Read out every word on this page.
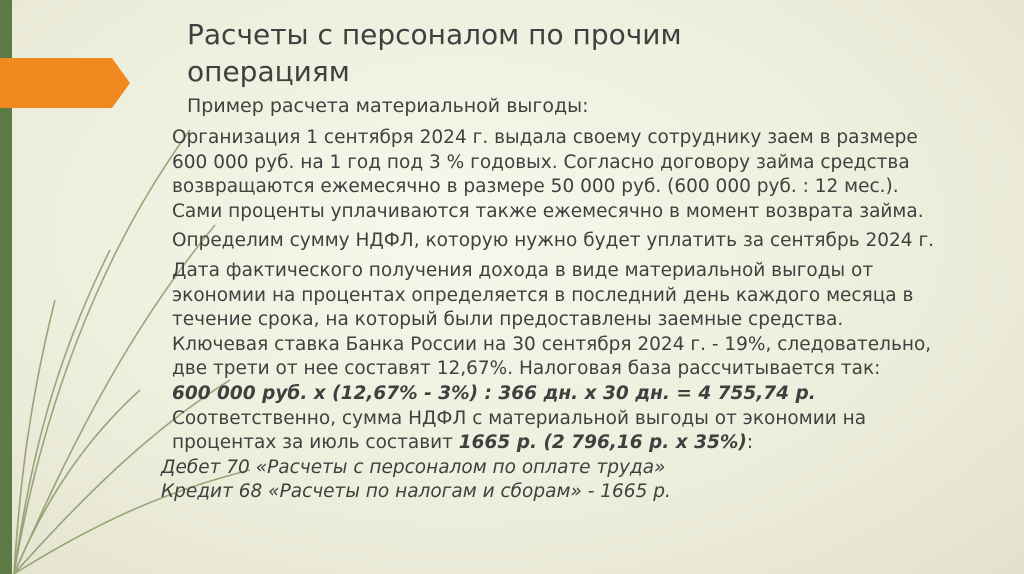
Расчеты с персоналом по прочим
операциям
Пример расчета материальной выгоды:

Организация 1 сентября 2024 г. выдала своему сотруднику заем в размере
600 000 руб. на 1 год под 3 % годовых. Согласно договору займа средства
возвращаются ежемесячно в размере 50 000 руб. (600 000 руб. : 12 мес.).
Сами проценты уплачиваются также ежемесячно в момент возврата займа.

Определим сумму НДФЛ, которую нужно будет уплатить за сентябрь 2024 г.

Дата фактического получения дохода в виде материальной выгоды от
экономии на процентах определяется в последний день каждого месяца в
течение срока, на который были предоставлены заемные средства.
Ключевая ставка Банка России на 30 сентября 2024 г. - 19%, следовательно,
две трети от нее составят 12,67%. Налоговая база рассчитывается так:
600 000 руб. х (12,67% - 3%) : 366 дн. х 30 дн. = 4 755,74 р.
Соответственно, сумма НДФЛ с материальной выгоды от экономии на
процентах за июль составит 1665 р. (2 796,16 р. х 35%):
Дебет 70 «Расчеты с персоналом по оплате труда»
Кредит 68 «Расчеты по налогам и сборам» - 1665 р.
